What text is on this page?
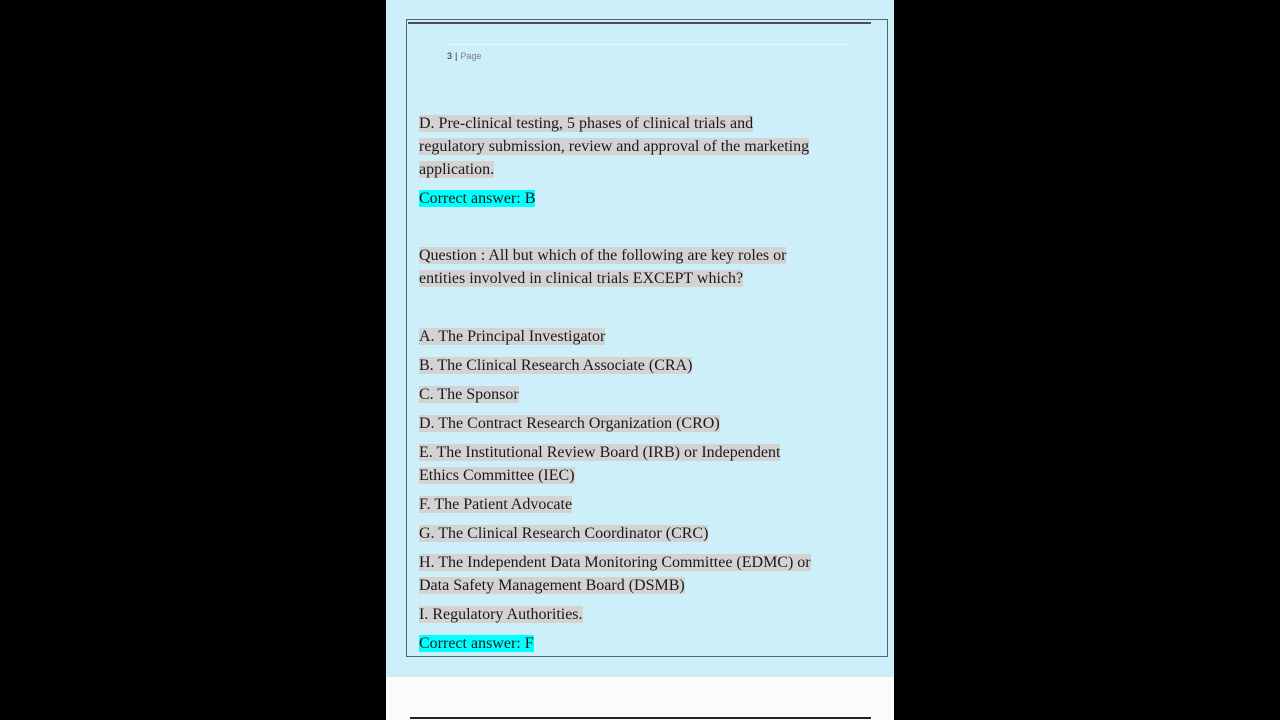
3 | Page
D. Pre-clinical testing, 5 phases of clinical trials and
regulatory submission, review and approval of the marketing
application.
Correct answer: B
Question : All but which of the following are key roles or
entities involved in clinical trials EXCEPT which?
A. The Principal Investigator
B. The Clinical Research Associate (CRA)
C. The Sponsor
D. The Contract Research Organization (CRO)
E. The Institutional Review Board (IRB) or Independent
Ethics Committee (IEC)
F. The Patient Advocate
G. The Clinical Research Coordinator (CRC)
H. The Independent Data Monitoring Committee (EDMC) or
Data Safety Management Board (DSMB)
I. Regulatory Authorities.
Correct answer: F
